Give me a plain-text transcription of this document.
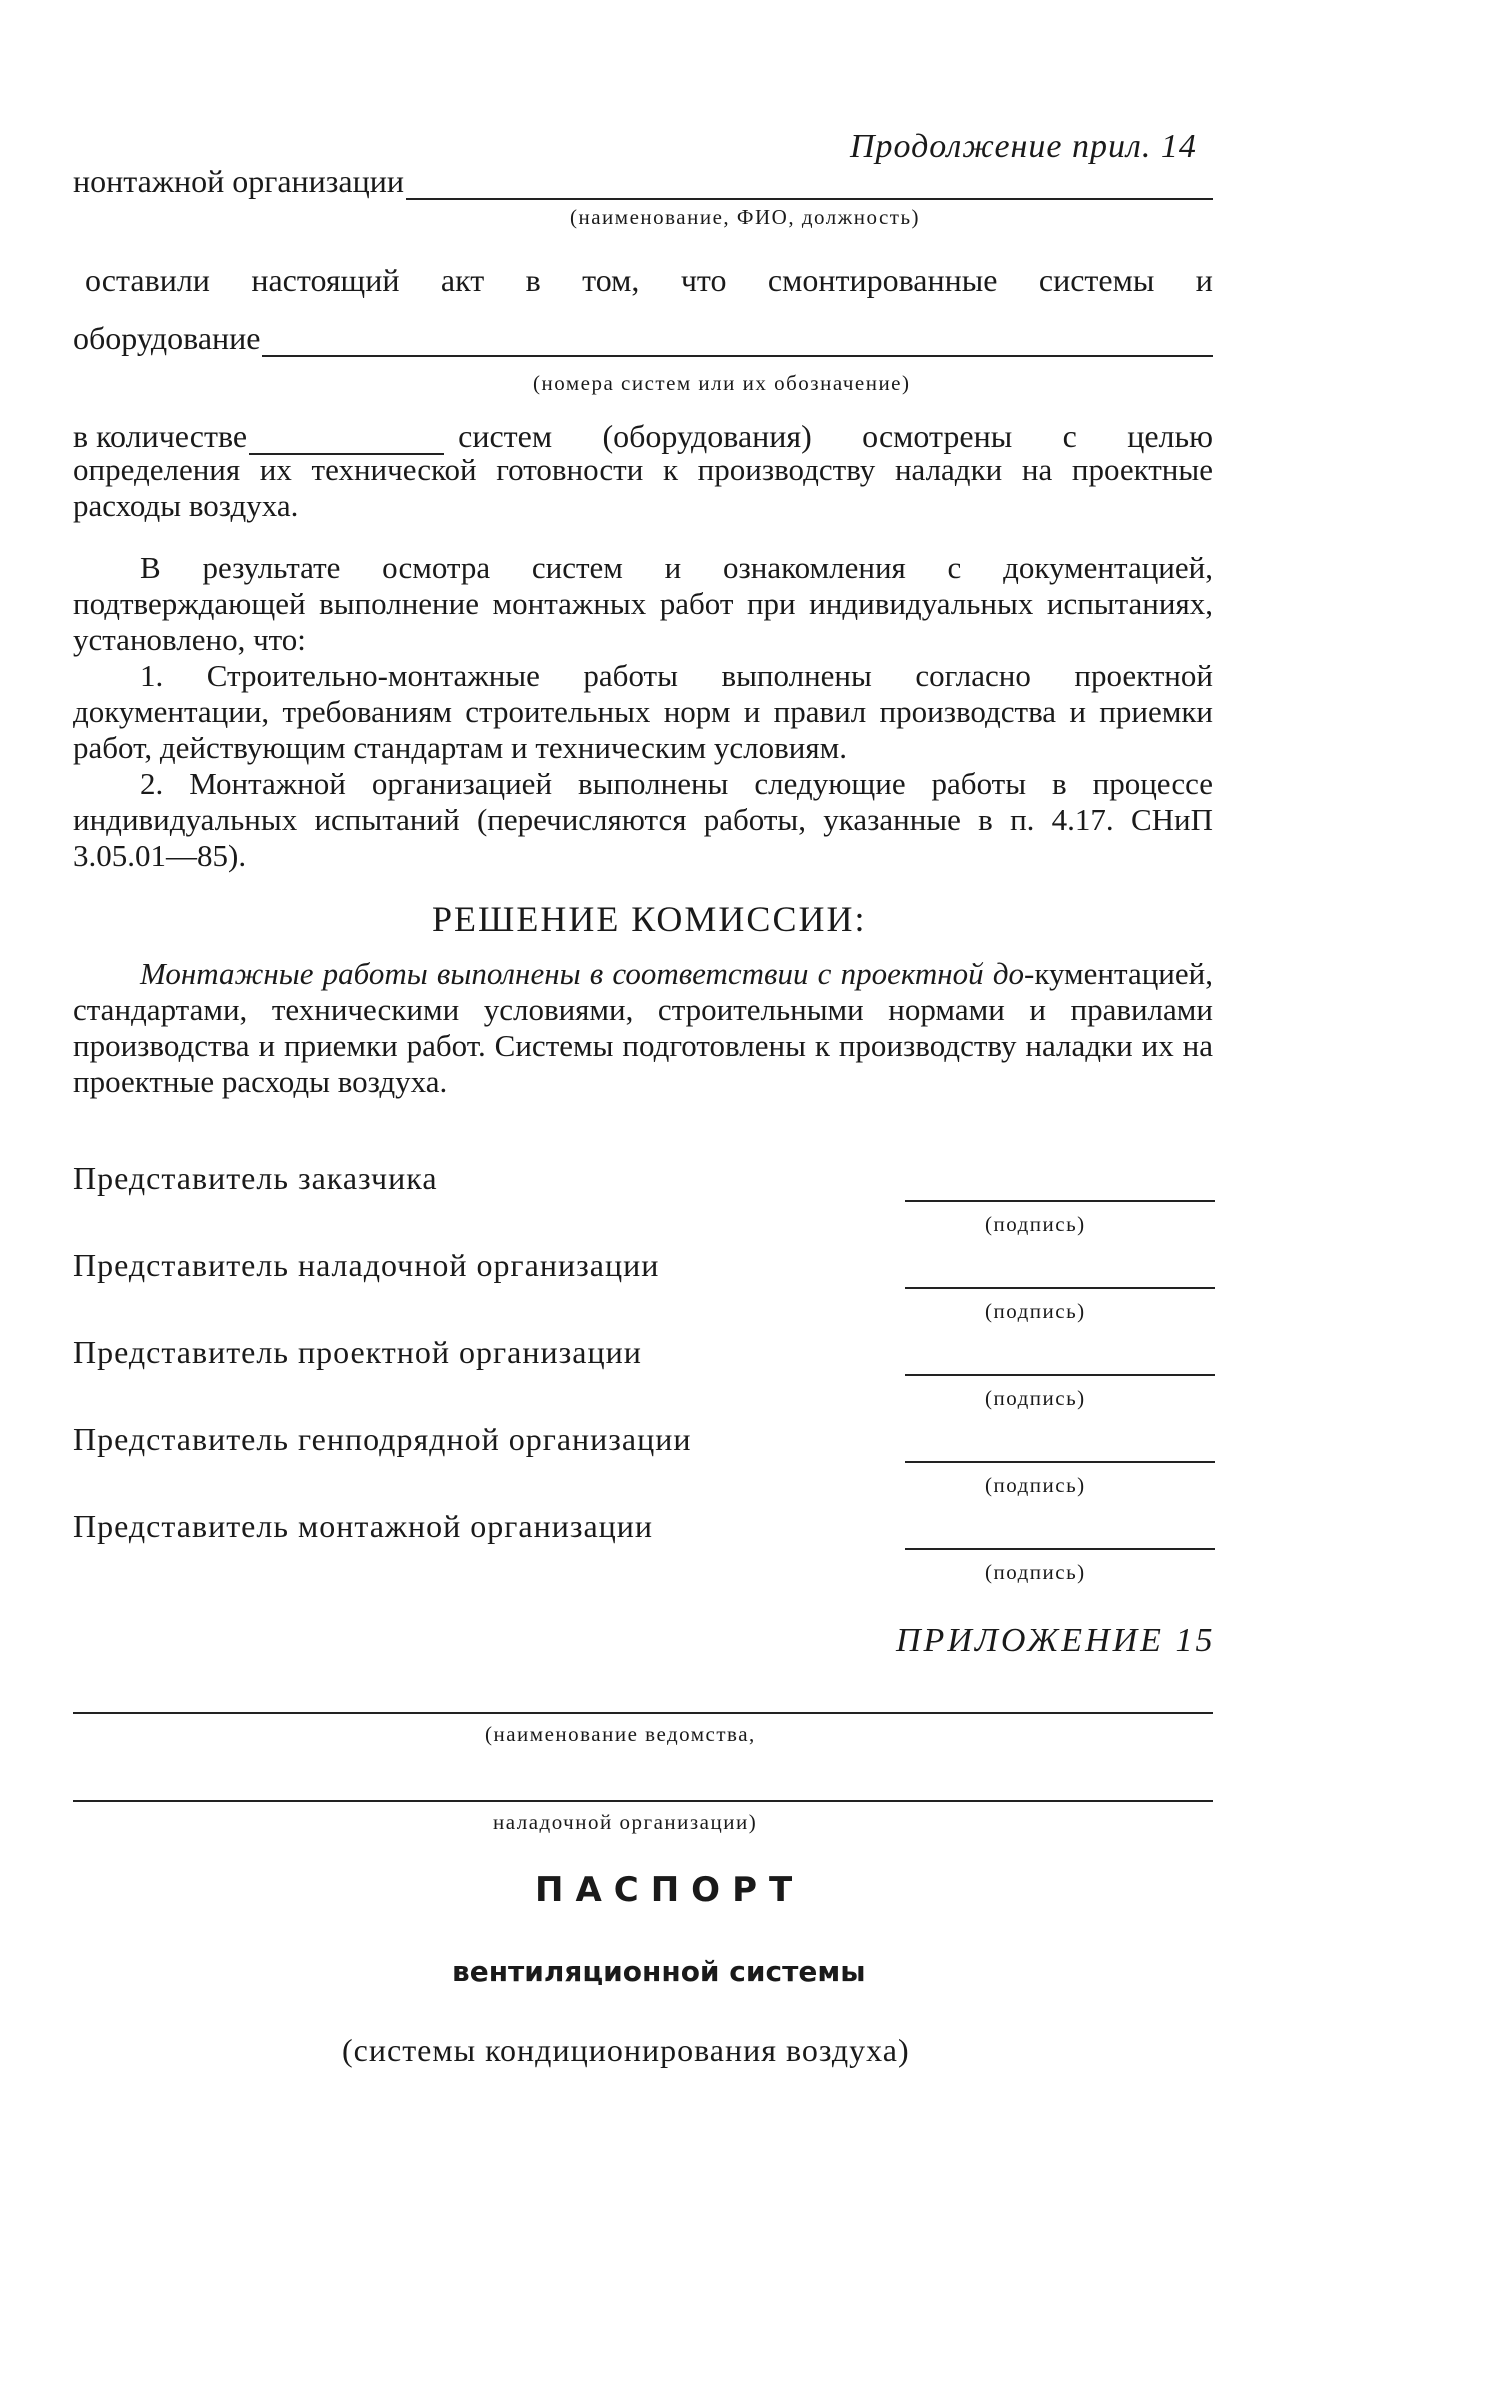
Продолжение прил. 14
нонтажной организации
(наименование, ФИО, должность)
оставили настоящий акт в том, что смонтированные системы и
оборудование
(номера систем или их обозначение)
в количестве	систем (оборудования) осмотрены с целью
определения их технической готовности к производству наладки на проектные расходы воздуха.
В результате осмотра систем и ознакомления с документацией, подтверждающей выполнение монтажных работ при индивидуальных испытаниях, установлено, что:
1. Строительно-монтажные работы выполнены согласно проектной документации, требованиям строительных норм и правил производства и приемки работ, действующим стандартам и техническим условиям.
2. Монтажной организацией выполнены следующие работы в процессе индивидуальных испытаний (перечисляются работы, указанные в п. 4.17. СНиП 3.05.01—85).
РЕШЕНИЕ КОМИССИИ:
Монтажные работы выполнены в соответствии с проектной до-кументацией, стандартами, техническими условиями, строительными нормами и правилами производства и приемки работ. Системы подготовлены к производству наладки их на проектные расходы воздуха.
Представитель заказчика
(подпись)
Представитель наладочной организации
(подпись)
Представитель проектной организации
(подпись)
Представитель генподрядной организации
(подпись)
Представитель монтажной организации
(подпись)
ПРИЛОЖЕНИЕ 15
(наименование ведомства,
наладочной организации)
ПАСПОРТ
вентиляционной системы
(системы кондиционирования воздуха)
